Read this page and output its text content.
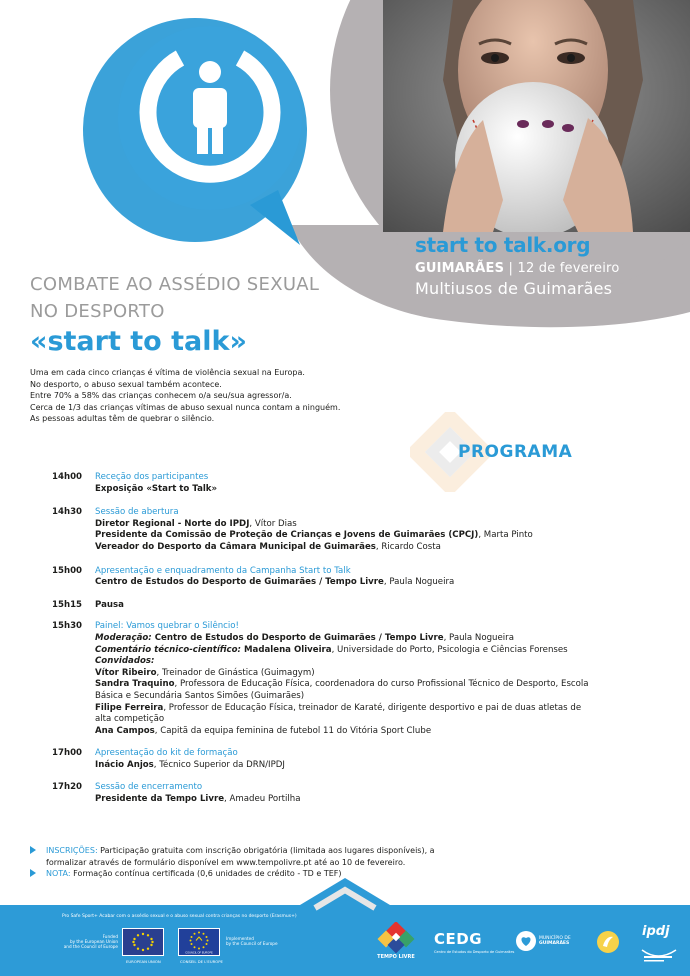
start to talk.org
GUIMARÃES | 12 de fevereiro
Multiusos de Guimarães
COMBATE AO ASSÉDIO SEXUAL
NO DESPORTO
«start to talk»
Uma em cada cinco crianças é vítima de violência sexual na Europa.
No desporto, o abuso sexual também acontece.
Entre 70% a 58% das crianças conhecem o/a seu/sua agressor/a.
Cerca de 1/3 das crianças vítimas de abuso sexual nunca contam a ninguém.
As pessoas adultas têm de quebrar o silêncio.
PROGRAMA
14h00 Receção dos participantes
Exposição «Start to Talk»
14h30 Sessão de abertura
Diretor Regional - Norte do IPDJ, Vítor Dias
Presidente da Comissão de Proteção de Crianças e Jovens de Guimarães (CPCJ), Marta Pinto
Vereador do Desporto da Câmara Municipal de Guimarães, Ricardo Costa
15h00 Apresentação e enquadramento da Campanha Start to Talk
Centro de Estudos do Desporto de Guimarães / Tempo Livre, Paula Nogueira
15h15 Pausa
15h30 Painel: Vamos quebrar o Silêncio!
Moderação: Centro de Estudos do Desporto de Guimarães / Tempo Livre, Paula Nogueira
Comentário técnico-científico: Madalena Oliveira, Universidade do Porto, Psicologia e Ciências Forenses
Convidados:
Vítor Ribeiro, Treinador de Ginástica (Guimagym)
Sandra Traquino, Professora de Educação Física, coordenadora do curso Profissional Técnico de Desporto, Escola
Básica e Secundária Santos Simões (Guimarães)
Filipe Ferreira, Professor de Educação Física, treinador de Karaté, dirigente desportivo e pai de duas atletas de
alta competição
Ana Campos, Capitã da equipa feminina de futebol 11 do Vitória Sport Clube
17h00 Apresentação do kit de formação
Inácio Anjos, Técnico Superior da DRN/IPDJ
17h20 Sessão de encerramento
Presidente da Tempo Livre, Amadeu Portilha
INSCRIÇÕES: Participação gratuita com inscrição obrigatória (limitada aos lugares disponíveis), a
formalizar através de formulário disponível em www.tempolivre.pt até ao 10 de fevereiro.
NOTA: Formação contínua certificada (0,6 unidades de crédito - TD e TEF)
Pro Safe Sport+ Acabar com o assédio sexual e o abuso sexual contra crianças no desporto (Erasmus+)
Funded
by the European Union
and the Council of Europe
EUROPEAN UNION
COUNCIL OF EUROPE
CONSEIL DE L'EUROPE
Implemented
by the Council of Europe
TEMPO LIVRE
CEDG
Centro de Estudos do Desporto de Guimarães
MUNICÍPIO DE
GUIMARÃES
ipdj
